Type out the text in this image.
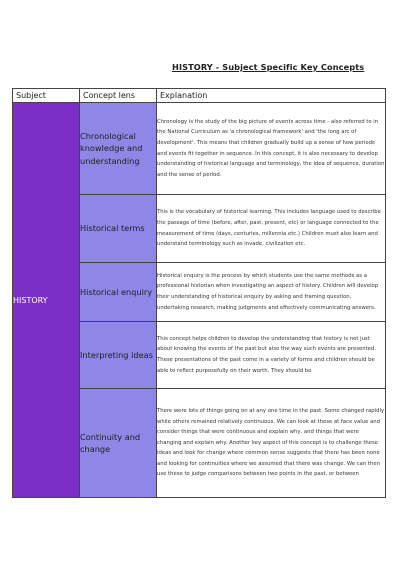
HISTORY - Subject Specific Key Concepts
Subject	Concept lens	Explanation

HISTORY	Chronological knowledge and understanding	Chronology is the study of the big picture of events across time - also referred to in the National Curriculum as 'a chronological framework' and 'the long arc of development'. This means that children gradually build up a sense of how periods and events fit together in sequence. In this concept, it is also necessary to develop understanding of historical language and terminology, the idea of sequence, duration and the sense of period.

	Historical terms	This is the vocabulary of historical learning. This includes language used to describe the passage of time (before, after, past, present, etc) or language connected to the measurement of time (days, centuries, millennia etc.) Children must also learn and understand terminology such as invade, civilization etc.

	Historical enquiry	Historical enquiry is the process by which students use the same methods as a professional historian when investigating an aspect of history. Children will develop their understanding of historical enquiry by asking and framing question, undertaking research, making judgments and effectively communicating answers.

	Interpreting ideas	This concept helps children to develop the understanding that history is not just about knowing the events of the past but also the way such events are presented. These presentations of the past come in a variety of forms and children should be able to reflect purposefully on their worth. They should be

	Continuity and change	There were lots of things going on at any one time in the past. Some changed rapidly while others remained relatively continuous. We can look at these at face value and consider things that were continuous and explain why, and things that were changing and explain why. Another key aspect of this concept is to challenge these ideas and look for change where common sense suggests that there has been none and looking for continuities where we assumed that there was change. We can then use these to judge comparisons between two points in the past, or between
